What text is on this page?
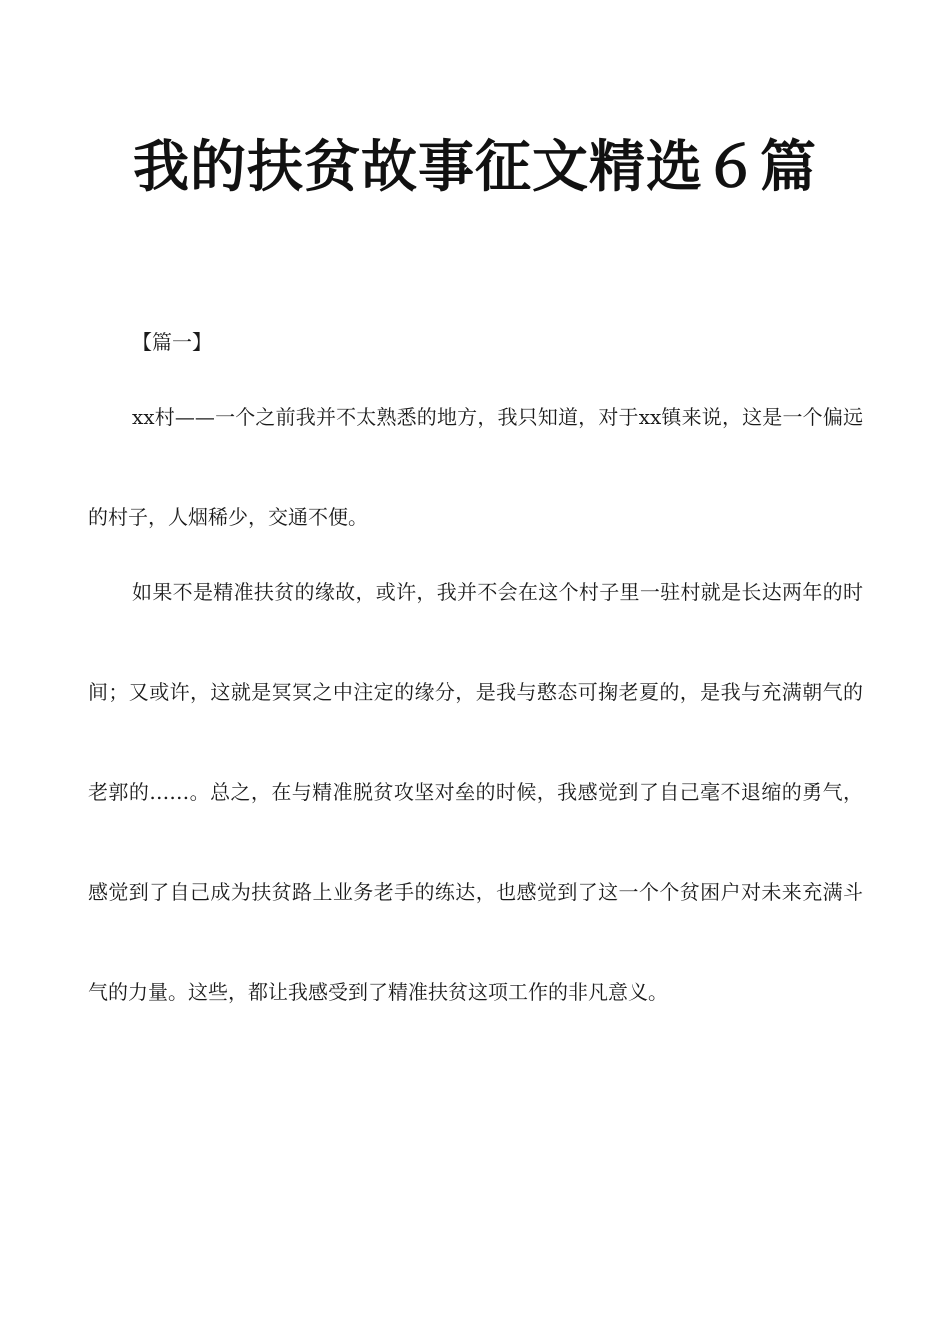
我的扶贫故事征文精选６篇

【篇一】

xx村——一个之前我并不太熟悉的地方，我只知道，对于xx镇来说，这是一个偏远的村子，人烟稀少，交通不便。

如果不是精准扶贫的缘故，或许，我并不会在这个村子里一驻村就是长达两年的时间；又或许，这就是冥冥之中注定的缘分，是我与憨态可掬老夏的，是我与充满朝气的老郭的……。总之，在与精准脱贫攻坚对垒的时候，我感觉到了自己毫不退缩的勇气，感觉到了自己成为扶贫路上业务老手的练达，也感觉到了这一个个贫困户对未来充满斗气的力量。这些，都让我感受到了精准扶贫这项工作的非凡意义。
